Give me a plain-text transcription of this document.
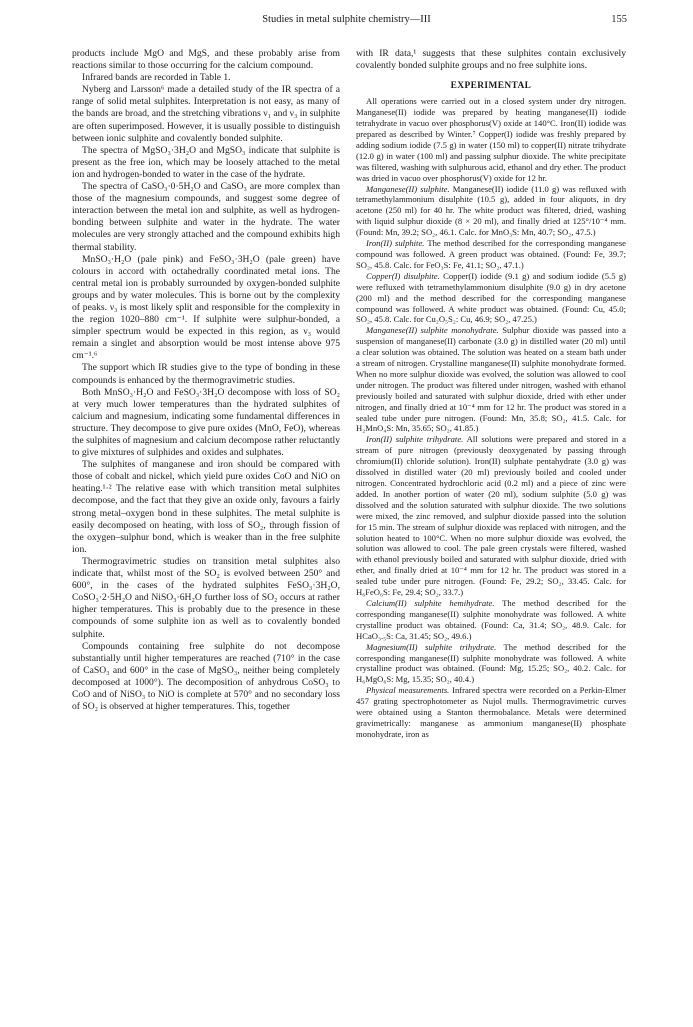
Studies in metal sulphite chemistry—III	155

products include MgO and MgS, and these probably arise from reactions similar to those occurring for the calcium compound.

Infrared bands are recorded in Table 1.

Nyberg and Larsson⁶ made a detailed study of the IR spectra of a range of solid metal sulphites. Interpretation is not easy, as many of the bands are broad, and the stretching vibrations ν₁ and ν₃ in sulphite are often superimposed. However, it is usually possible to distinguish between ionic sulphite and covalently bonded sulphite.

The spectra of MgSO₃·3H₂O and MgSO₃ indicate that sulphite is present as the free ion, which may be loosely attached to the metal ion and hydrogen-bonded to water in the case of the hydrate.

The spectra of CaSO₃·0·5H₂O and CaSO₃ are more complex than those of the magnesium compounds, and suggest some degree of interaction between the metal ion and sulphite, as well as hydrogen-bonding between sulphite and water in the hydrate. The water molecules are very strongly attached and the compound exhibits high thermal stability.

MnSO₃·H₂O (pale pink) and FeSO₃·3H₂O (pale green) have colours in accord with octahedrally coordinated metal ions. The central metal ion is probably surrounded by oxygen-bonded sulphite groups and by water molecules. This is borne out by the complexity of peaks. ν₃ is most likely split and responsible for the complexity in the region 1020–880 cm⁻¹. If sulphite were sulphur-bonded, a simpler spectrum would be expected in this region, as ν₃ would remain a singlet and absorption would be most intense above 975 cm⁻¹.⁶

The support which IR studies give to the type of bonding in these compounds is enhanced by the thermogravimetric studies.

Both MnSO₃·H₂O and FeSO₃·3H₂O decompose with loss of SO₂ at very much lower temperatures than the hydrated sulphites of calcium and magnesium, indicating some fundamental differences in structure. They decompose to give pure oxides (MnO, FeO), whereas the sulphites of magnesium and calcium decompose rather reluctantly to give mixtures of sulphides and oxides and sulphates.

The sulphites of manganese and iron should be compared with those of cobalt and nickel, which yield pure oxides CoO and NiO on heating.¹·² The relative ease with which transition metal sulphites decompose, and the fact that they give an oxide only, favours a fairly strong metal–oxygen bond in these sulphites. The metal sulphite is easily decomposed on heating, with loss of SO₂, through fission of the oxygen–sulphur bond, which is weaker than in the free sulphite ion.

Thermogravimetric studies on transition metal sulphites also indicate that, whilst most of the SO₂ is evolved between 250° and 600°, in the cases of the hydrated sulphites FeSO₃·3H₂O, CoSO₃·2·5H₂O and NiSO₃·6H₂O further loss of SO₂ occurs at rather higher temperatures. This is probably due to the presence in these compounds of some sulphite ion as well as to covalently bonded sulphite.

Compounds containing free sulphite do not decompose substantially until higher temperatures are reached (710° in the case of CaSO₃ and 600° in the case of MgSO₃, neither being completely decomposed at 1000°). The decomposition of anhydrous CoSO₃ to CoO and of NiSO₃ to NiO is complete at 570° and no secondary loss of SO₂ is observed at higher temperatures. This, together

with IR data,¹ suggests that these sulphites contain exclusively covalently bonded sulphite groups and no free sulphite ions.

EXPERIMENTAL

All operations were carried out in a closed system under dry nitrogen. Manganese(II) iodide was prepared by heating manganese(II) iodide tetrahydrate in vacuo over phosphorus(V) oxide at 140°C. Iron(II) iodide was prepared as described by Winter.⁷ Copper(I) iodide was freshly prepared by adding sodium iodide (7.5 g) in water (150 ml) to copper(II) nitrate trihydrate (12.0 g) in water (100 ml) and passing sulphur dioxide. The white precipitate was filtered, washing with sulphurous acid, ethanol and dry ether. The product was dried in vacuo over phosphorus(V) oxide for 12 hr.

Manganese(II) sulphite. Manganese(II) iodide (11.0 g) was refluxed with tetramethylammonium disulphite (10.5 g), added in four aliquots, in dry acetone (250 ml) for 40 hr. The white product was filtered, dried, washing with liquid sulphur dioxide (8 × 20 ml), and finally dried at 125°/10⁻⁴ mm. (Found: Mn, 39.2; SO₂, 46.1. Calc. for MnO₃S: Mn, 40.7; SO₂, 47.5.)

Iron(II) sulphite. The method described for the corresponding manganese compound was followed. A green product was obtained. (Found: Fe, 39.7; SO₂, 45.8. Calc. for FeO₃S: Fe, 41.1; SO₂, 47.1.)

Copper(I) disulphite. Copper(I) iodide (9.1 g) and sodium iodide (5.5 g) were refluxed with tetramethylammonium disulphite (9.0 g) in dry acetone (200 ml) and the method described for the corresponding manganese compound was followed. A white product was obtained. (Found: Cu, 45.0; SO₂, 45.8. Calc. for Cu₂O₅S₂: Cu, 46.9; SO₂, 47.25.)

Manganese(II) sulphite monohydrate. Sulphur dioxide was passed into a suspension of manganese(II) carbonate (3.0 g) in distilled water (20 ml) until a clear solution was obtained. The solution was heated on a steam bath under a stream of nitrogen. Crystalline manganese(II) sulphite monohydrate formed. When no more sulphur dioxide was evolved, the solution was allowed to cool under nitrogen. The product was filtered under nitrogen, washed with ethanol previously boiled and saturated with sulphur dioxide, dried with ether under nitrogen, and finally dried at 10⁻⁴ mm for 12 hr. The product was stored in a sealed tube under pure nitrogen. (Found: Mn, 35.8; SO₂, 41.5. Calc. for H₂MnO₄S: Mn, 35.65; SO₂, 41.85.)

Iron(II) sulphite trihydrate. All solutions were prepared and stored in a stream of pure nitrogen (previously deoxygenated by passing through chromium(II) chloride solution). Iron(II) sulphate pentahydrate (3.0 g) was dissolved in distilled water (20 ml) previously boiled and cooled under nitrogen. Concentrated hydrochloric acid (0.2 ml) and a piece of zinc were added. In another portion of water (20 ml), sodium sulphite (5.0 g) was dissolved and the solution saturated with sulphur dioxide. The two solutions were mixed, the zinc removed, and sulphur dioxide passed into the solution for 15 min. The stream of sulphur dioxide was replaced with nitrogen, and the solution heated to 100°C. When no more sulphur dioxide was evolved, the solution was allowed to cool. The pale green crystals were filtered, washed with ethanol previously boiled and saturated with sulphur dioxide, dried with ether, and finally dried at 10⁻⁴ mm for 12 hr. The product was stored in a sealed tube under pure nitrogen. (Found: Fe, 29.2; SO₂, 33.45. Calc. for H₆FeO₆S: Fe, 29.4; SO₂, 33.7.)

Calcium(II) sulphite hemihydrate. The method described for the corresponding manganese(II) sulphite monohydrate was followed. A white crystalline product was obtained. (Found: Ca, 31.4; SO₂, 48.9. Calc. for HCaO₃.₅S: Ca, 31.45; SO₂, 49.6.)

Magnesium(II) sulphite trihydrate. The method described for the corresponding manganese(II) sulphite monohydrate was followed. A white crystalline product was obtained. (Found: Mg, 15.25; SO₂, 40.2. Calc. for H₆MgO₆S: Mg, 15.35; SO₂, 40.4.)

Physical measurements. Infrared spectra were recorded on a Perkin-Elmer 457 grating spectrophotometer as Nujol mulls. Thermogravimetric curves were obtained using a Stanton thermobalance. Metals were determined gravimetrically: manganese as ammonium manganese(II) phosphate monohydrate, iron as
